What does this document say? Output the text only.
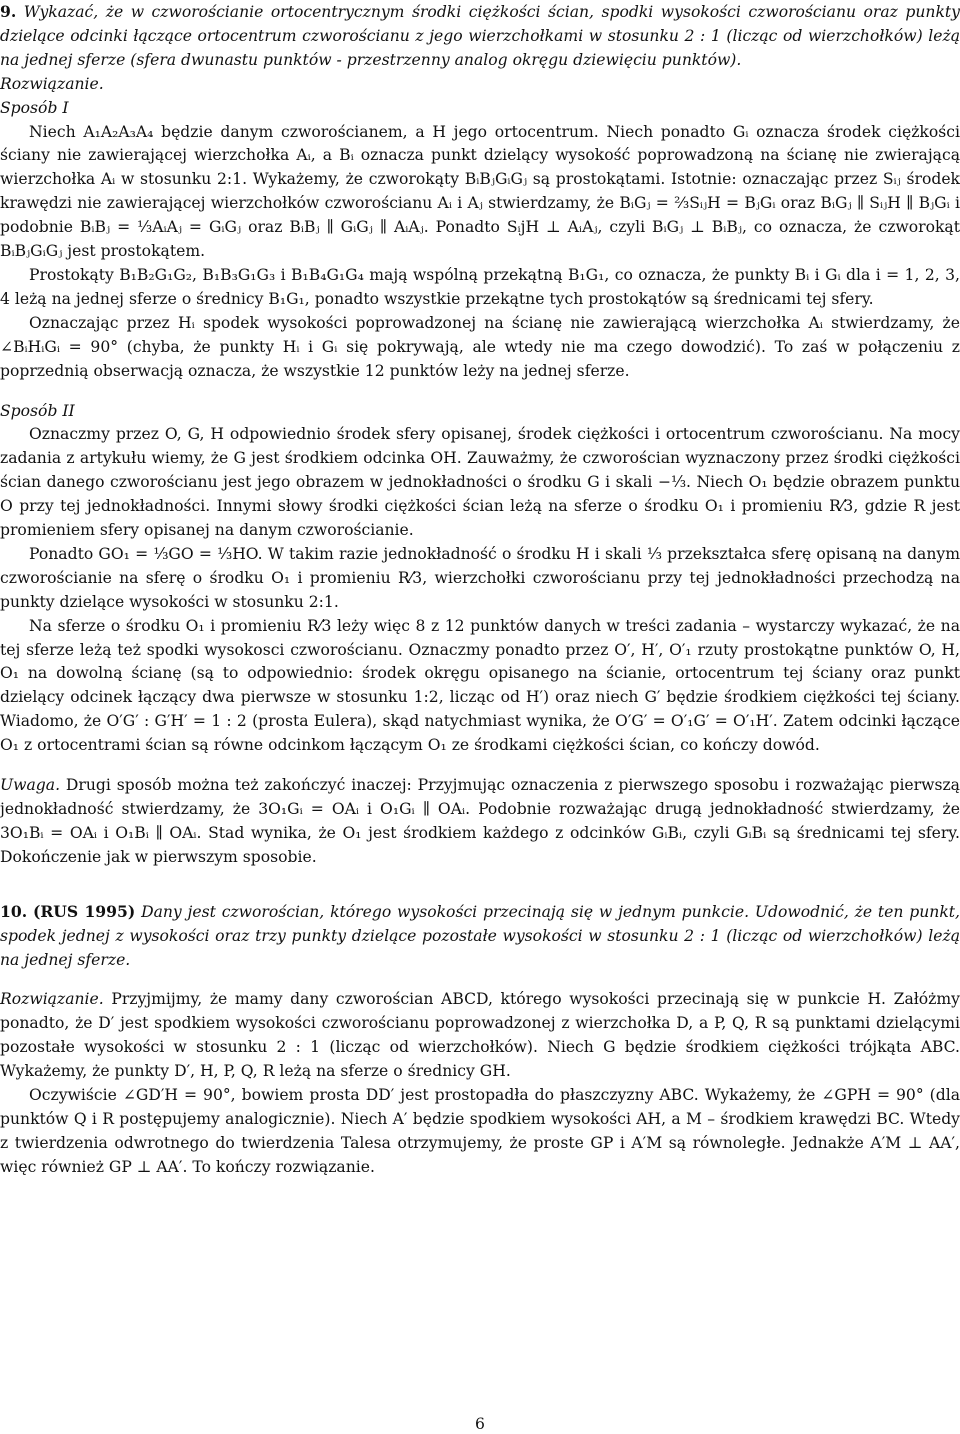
9. Wykazać, że w czworościanie ortocentrycznym środki ciężkości ścian, spodki wysokości czworościanu oraz punkty dzielące odcinki łączące ortocentrum czworościanu z jego wierzchołkami w stosunku 2 : 1 (licząc od wierzchołków) leżą na jednej sferze (sfera dwunastu punktów - przestrzenny analog okręgu dziewięciu punktów).

Rozwiązanie.

Sposób I

Niech A₁A₂A₃A₄ będzie danym czworościanem, a H jego ortocentrum. Niech ponadto Gᵢ oznacza środek ciężkości ściany nie zawierającej wierzchołka Aᵢ, a Bᵢ oznacza punkt dzielący wysokość poprowadzoną na ścianę nie zwierającą wierzchołka Aᵢ w stosunku 2:1. Wykażemy, że czworokąty BᵢBⱼGᵢGⱼ są prostokątami. Istotnie: oznaczając przez Sᵢⱼ środek krawędzi nie zawierającej wierzchołków czworościanu Aᵢ i Aⱼ stwierdzamy, że BᵢGⱼ = ⅔SᵢⱼH = BⱼGᵢ oraz BᵢGⱼ ∥ SᵢⱼH ∥ BⱼGᵢ i podobnie BᵢBⱼ = ⅓AᵢAⱼ = GᵢGⱼ oraz BᵢBⱼ ∥ GᵢGⱼ ∥ AᵢAⱼ. Ponadto SᵢjH ⊥ AᵢAⱼ, czyli BᵢGⱼ ⊥ BᵢBⱼ, co oznacza, że czworokąt BᵢBⱼGᵢGⱼ jest prostokątem.

Prostokąty B₁B₂G₁G₂, B₁B₃G₁G₃ i B₁B₄G₁G₄ mają wspólną przekątną B₁G₁, co oznacza, że punkty Bᵢ i Gᵢ dla i = 1, 2, 3, 4 leżą na jednej sferze o średnicy B₁G₁, ponadto wszystkie przekątne tych prostokątów są średnicami tej sfery.

Oznaczając przez Hᵢ spodek wysokości poprowadzonej na ścianę nie zawierającą wierzchołka Aᵢ stwierdzamy, że ∠BᵢHᵢGᵢ = 90° (chyba, że punkty Hᵢ i Gᵢ się pokrywają, ale wtedy nie ma czego dowodzić). To zaś w połączeniu z poprzednią obserwacją oznacza, że wszystkie 12 punktów leży na jednej sferze.

Sposób II

Oznaczmy przez O, G, H odpowiednio środek sfery opisanej, środek ciężkości i ortocentrum czworościanu. Na mocy zadania z artykułu wiemy, że G jest środkiem odcinka OH. Zauważmy, że czworościan wyznaczony przez środki ciężkości ścian danego czworościanu jest jego obrazem w jednokładności o środku G i skali −⅓. Niech O₁ będzie obrazem punktu O przy tej jednokładności. Innymi słowy środki ciężkości ścian leżą na sferze o środku O₁ i promieniu R⁄3, gdzie R jest promieniem sfery opisanej na danym czworościanie.

Ponadto GO₁ = ⅓GO = ⅓HO. W takim razie jednokładność o środku H i skali ⅓ przekształca sferę opisaną na danym czworościanie na sferę o środku O₁ i promieniu R⁄3, wierzchołki czworościanu przy tej jednokładności przechodzą na punkty dzielące wysokości w stosunku 2:1.

Na sferze o środku O₁ i promieniu R⁄3 leży więc 8 z 12 punktów danych w treści zadania – wystarczy wykazać, że na tej sferze leżą też spodki wysokosci czworościanu. Oznaczmy ponadto przez O′, H′, O′₁ rzuty prostokątne punktów O, H, O₁ na dowolną ścianę (są to odpowiednio: środek okręgu opisanego na ścianie, ortocentrum tej ściany oraz punkt dzielący odcinek łączący dwa pierwsze w stosunku 1:2, licząc od H′) oraz niech G′ będzie środkiem ciężkości tej ściany. Wiadomo, że O′G′ : G′H′ = 1 : 2 (prosta Eulera), skąd natychmiast wynika, że O′G′ = O′₁G′ = O′₁H′. Zatem odcinki łączące O₁ z ortocentrami ścian są równe odcinkom łączącym O₁ ze środkami ciężkości ścian, co kończy dowód.

Uwaga. Drugi sposób można też zakończyć inaczej: Przyjmując oznaczenia z pierwszego sposobu i rozważając pierwszą jednokładność stwierdzamy, że 3O₁Gᵢ = OAᵢ i O₁Gᵢ ∥ OAᵢ. Podobnie rozważając drugą jednokładność stwierdzamy, że 3O₁Bᵢ = OAᵢ i O₁Bᵢ ∥ OAᵢ. Stad wynika, że O₁ jest środkiem każdego z odcinków GᵢBᵢ, czyli GᵢBᵢ są średnicami tej sfery. Dokończenie jak w pierwszym sposobie.

10. (RUS 1995) Dany jest czworościan, którego wysokości przecinają się w jednym punkcie. Udowodnić, że ten punkt, spodek jednej z wysokości oraz trzy punkty dzielące pozostałe wysokości w stosunku 2 : 1 (licząc od wierzchołków) leżą na jednej sferze.

Rozwiązanie. Przyjmijmy, że mamy dany czworościan ABCD, którego wysokości przecinają się w punkcie H. Załóżmy ponadto, że D′ jest spodkiem wysokości czworościanu poprowadzonej z wierzchołka D, a P, Q, R są punktami dzielącymi pozostałe wysokości w stosunku 2 : 1 (licząc od wierzchołków). Niech G będzie środkiem ciężkości trójkąta ABC. Wykażemy, że punkty D′, H, P, Q, R leżą na sferze o średnicy GH.

Oczywiście ∠GD′H = 90°, bowiem prosta DD′ jest prostopadła do płaszczyzny ABC. Wykażemy, że ∠GPH = 90° (dla punktów Q i R postępujemy analogicznie). Niech A′ będzie spodkiem wysokości AH, a M – środkiem krawędzi BC. Wtedy z twierdzenia odwrotnego do twierdzenia Talesa otrzymujemy, że proste GP i A′M są równoległe. Jednakże A′M ⊥ AA′, więc również GP ⊥ AA′. To kończy rozwiązanie.

6
